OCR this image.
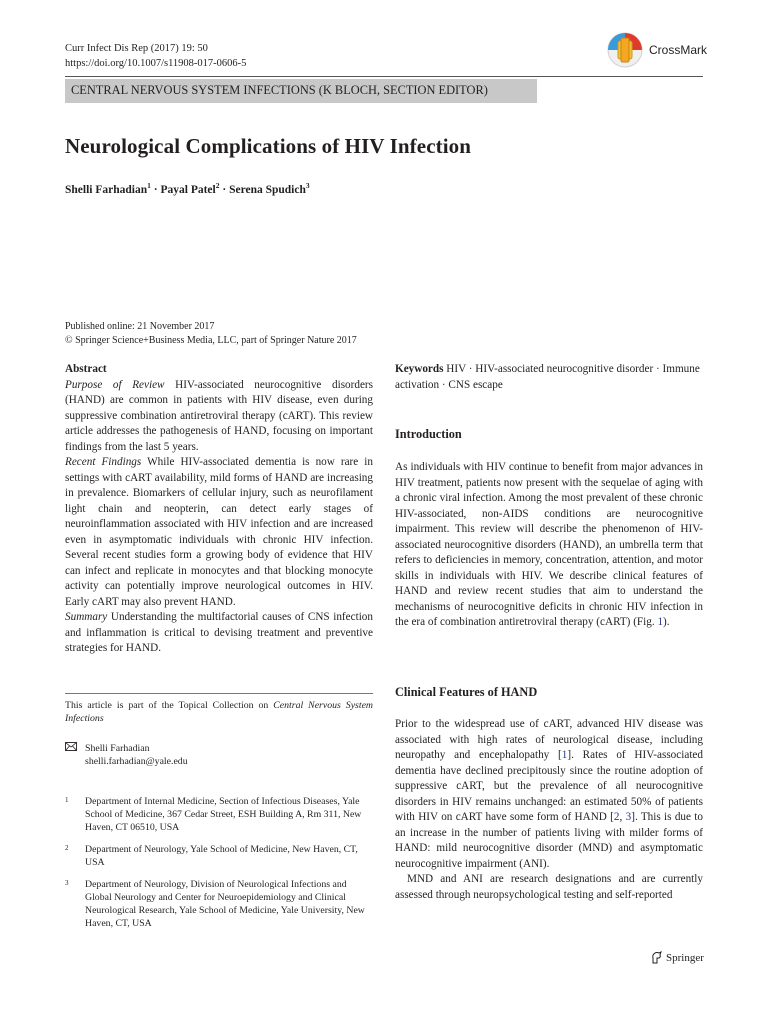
Curr Infect Dis Rep (2017) 19: 50
https://doi.org/10.1007/s11908-017-0606-5
CrossMark
CENTRAL NERVOUS SYSTEM INFECTIONS (K BLOCH, SECTION EDITOR)
Neurological Complications of HIV Infection
Shelli Farhadian$^1$ · Payal Patel$^2$ · Serena Spudich$^3$
Published online: 21 November 2017
© Springer Science+Business Media, LLC, part of Springer Nature 2017
Abstract
Purpose of Review HIV-associated neurocognitive disorders (HAND) are common in patients with HIV disease, even during suppressive combination antiretroviral therapy (cART). This review article addresses the pathogenesis of HAND, focusing on important findings from the last 5 years.
Recent Findings While HIV-associated dementia is now rare in settings with cART availability, mild forms of HAND are increasing in prevalence. Biomarkers of cellular injury, such as neurofilament light chain and neopterin, can detect early stages of neuroinflammation associated with HIV infection and are increased even in asymptomatic individuals with chronic HIV infection. Several recent studies form a growing body of evidence that HIV can infect and replicate in monocytes and that blocking monocyte activity can potentially improve neurological outcomes in HIV. Early cART may also prevent HAND.
Summary Understanding the multifactorial causes of CNS infection and inflammation is critical to devising treatment and preventive strategies for HAND.
This article is part of the Topical Collection on Central Nervous System Infections
Shelli Farhadian
shelli.farhadian@yale.edu
1	Department of Internal Medicine, Section of Infectious Diseases, Yale School of Medicine, 367 Cedar Street, ESH Building A, Rm 311, New Haven, CT 06510, USA
2	Department of Neurology, Yale School of Medicine, New Haven, CT, USA
3	Department of Neurology, Division of Neurological Infections and Global Neurology and Center for Neuroepidemiology and Clinical Neurological Research, Yale School of Medicine, Yale University, New Haven, CT, USA
Keywords HIV · HIV-associated neurocognitive disorder · Immune activation · CNS escape
Introduction
As individuals with HIV continue to benefit from major advances in HIV treatment, patients now present with the sequelae of aging with a chronic viral infection. Among the most prevalent of these chronic HIV-associated, non-AIDS conditions are neurocognitive impairment. This review will describe the phenomenon of HIV-associated neurocognitive disorders (HAND), an umbrella term that refers to deficiencies in memory, concentration, attention, and motor skills in individuals with HIV. We describe clinical features of HAND and review recent studies that aim to understand the mechanisms of neurocognitive deficits in chronic HIV infection in the era of combination antiretroviral therapy (cART) (Fig. 1).
Clinical Features of HAND
Prior to the widespread use of cART, advanced HIV disease was associated with high rates of neurological disease, including neuropathy and encephalopathy [1]. Rates of HIV-associated dementia have declined precipitously since the routine adoption of suppressive cART, but the prevalence of all neurocognitive disorders in HIV remains unchanged: an estimated 50% of patients with HIV on cART have some form of HAND [2, 3]. This is due to an increase in the number of patients living with milder forms of HAND: mild neurocognitive disorder (MND) and asymptomatic neurocognitive impairment (ANI).
MND and ANI are research designations and are currently assessed through neuropsychological testing and self-reported
Springer
